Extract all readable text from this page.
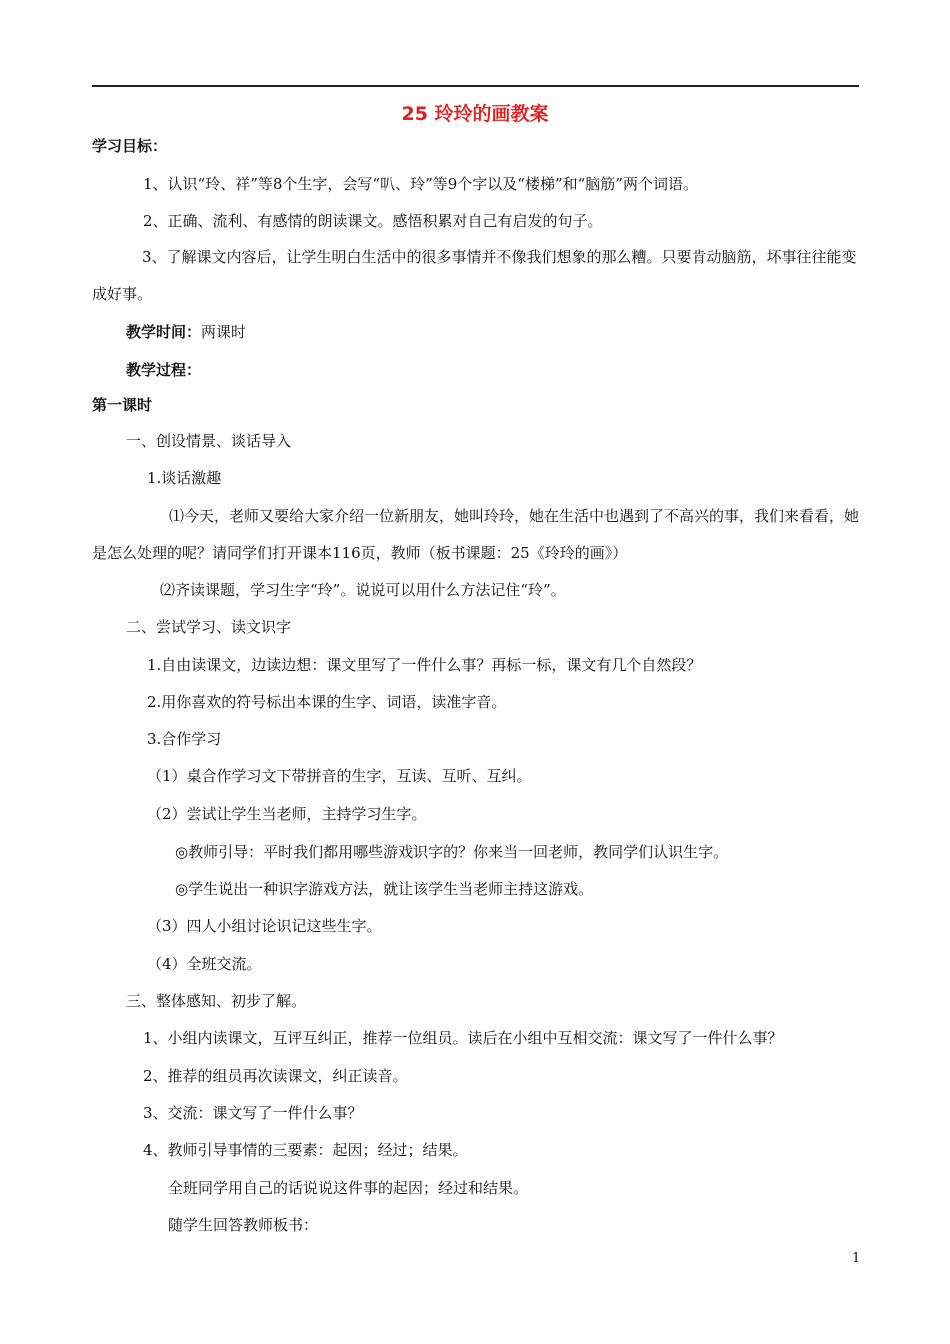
25 玲玲的画教案
学习目标：
1、认识“玲、祥”等8个生字，会写“叭、玲”等9个字以及“楼梯”和“脑筋”两个词语。
2、正确、流利、有感情的朗读课文。感悟积累对自己有启发的句子。
3、了解课文内容后，让学生明白生活中的很多事情并不像我们想象的那么糟。只要肯动脑筋，坏事往往能变成好事。
教学时间：两课时
教学过程：
第一课时
一、创设情景、谈话导入
1.谈话激趣
⑴今天，老师又要给大家介绍一位新朋友，她叫玲玲，她在生活中也遇到了不高兴的事，我们来看看，她是怎么处理的呢？请同学们打开课本116页，教师（板书课题：25《玲玲的画》）
⑵齐读课题，学习生字“玲”。说说可以用什么方法记住“玲”。
二、尝试学习、读文识字
1.自由读课文，边读边想：课文里写了一件什么事？再标一标，课文有几个自然段？
2.用你喜欢的符号标出本课的生字、词语，读准字音。
3.合作学习
（1）桌合作学习文下带拼音的生字，互读、互听、互纠。
（2）尝试让学生当老师，主持学习生字。
◎教师引导：平时我们都用哪些游戏识字的？你来当一回老师，教同学们认识生字。
◎学生说出一种识字游戏方法，就让该学生当老师主持这游戏。
（3）四人小组讨论识记这些生字。
（4）全班交流。
三、整体感知、初步了解。
1、小组内读课文，互评互纠正，推荐一位组员。读后在小组中互相交流：课文写了一件什么事？
2、推荐的组员再次读课文，纠正读音。
3、交流：课文写了一件什么事？
4、教师引导事情的三要素：起因；经过；结果。
全班同学用自己的话说说这件事的起因；经过和结果。
随学生回答教师板书：
1
